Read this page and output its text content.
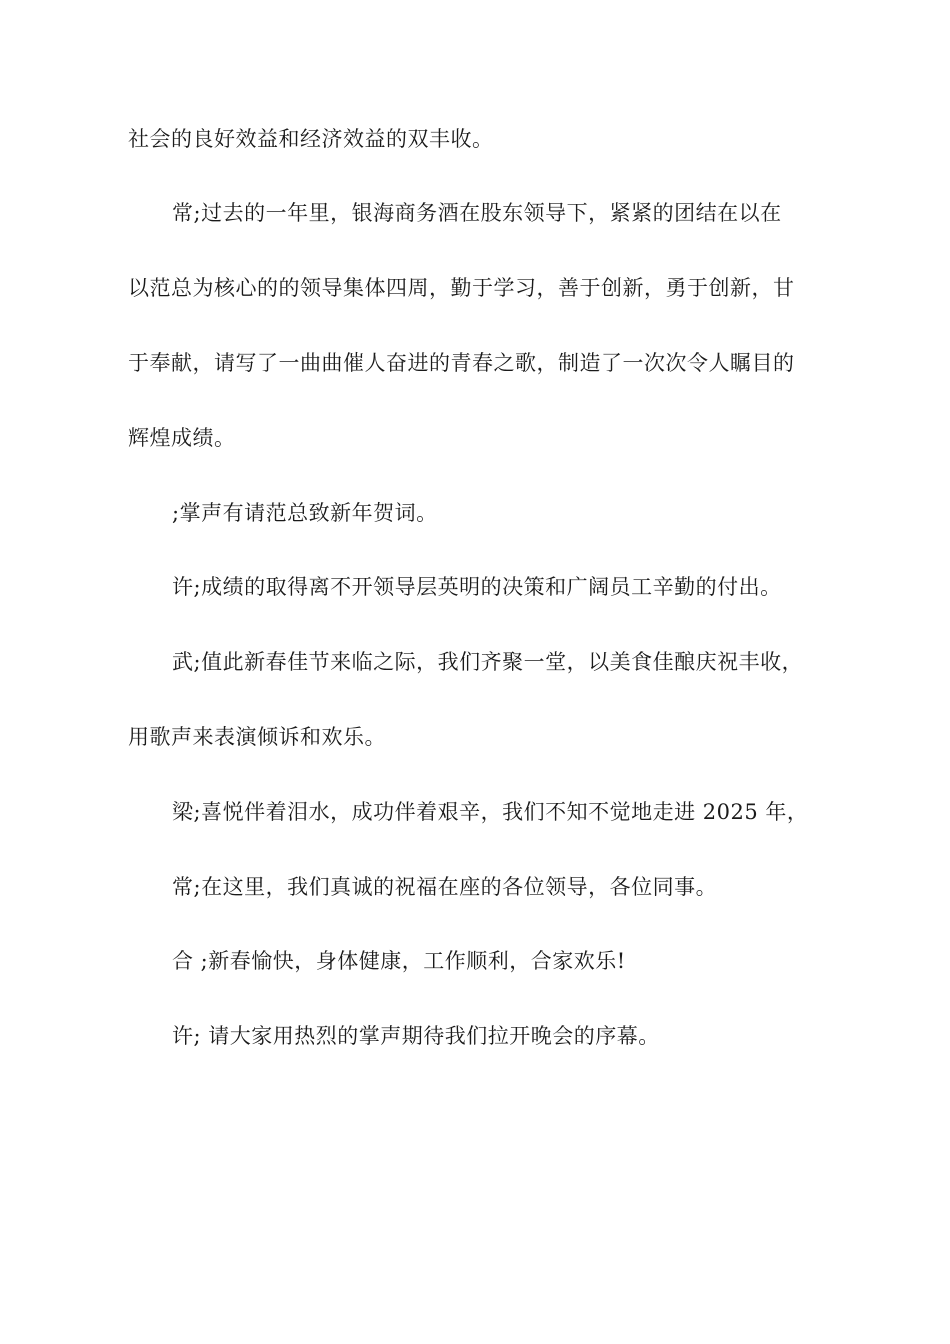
社会的良好效益和经济效益的双丰收。
常;过去的一年里，银海商务酒在股东领导下，紧紧的团结在以在
以范总为核心的的领导集体四周，勤于学习，善于创新，勇于创新，甘
于奉献，请写了一曲曲催人奋进的青春之歌，制造了一次次令人瞩目的
辉煌成绩。
;掌声有请范总致新年贺词。
许;成绩的取得离不开领导层英明的决策和广阔员工辛勤的付出。
武;值此新春佳节来临之际，我们齐聚一堂，以美食佳酿庆祝丰收，
用歌声来表演倾诉和欢乐。
梁;喜悦伴着泪水，成功伴着艰辛，我们不知不觉地走进 2025 年，
常;在这里，我们真诚的祝福在座的各位领导，各位同事。
合 ;新春愉快，身体健康，工作顺利，合家欢乐!
许; 请大家用热烈的掌声期待我们拉开晚会的序幕。
